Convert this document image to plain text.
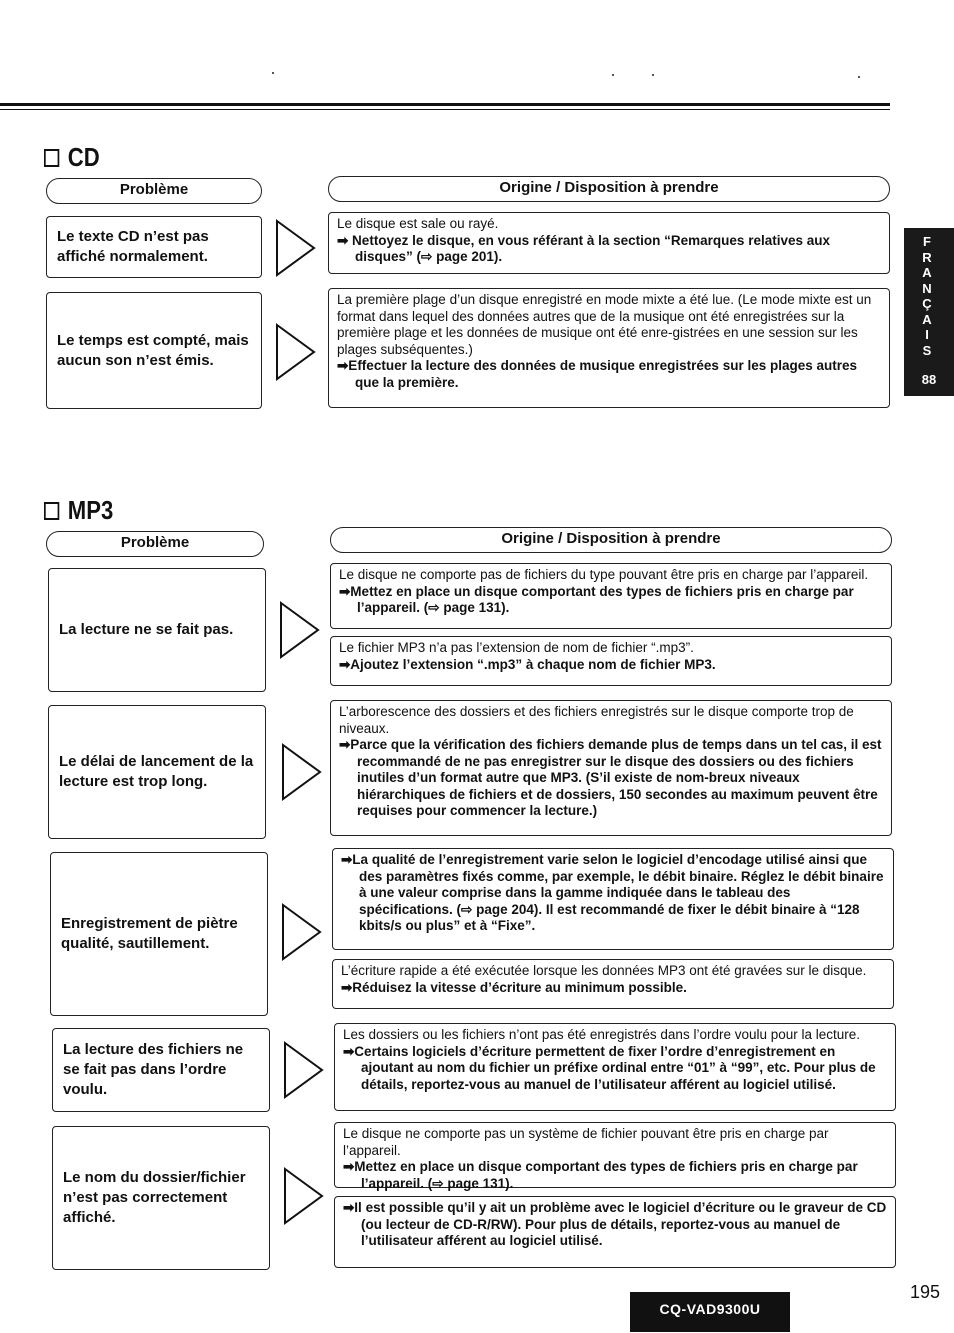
CD
Problème	Origine / Disposition à prendre
Le texte CD n’est pas affiché normalement.
Le temps est compté, mais aucun son n’est émis.
Le disque est sale ou rayé.
➡ Nettoyez le disque, en vous référant à la section “Remarques relatives aux disques” (⇨ page 201).
La première plage d’un disque enregistré en mode mixte a été lue. (Le mode mixte est un format dans lequel des données autres que de la musique ont été enregistrées sur la première plage et les données de musique ont été enre-gistrées en une session sur les plages subséquentes.)
➡Effectuer la lecture des données de musique enregistrées sur les plages autres que la première.
MP3
Problème	Origine / Disposition à prendre
La lecture ne se fait pas.
Le délai de lancement de la lecture est trop long.
Enregistrement de piètre qualité, sautillement.
La lecture des fichiers ne se fait pas dans l’ordre voulu.
Le nom du dossier/fichier n’est pas correctement affiché.
Le disque ne comporte pas de fichiers du type pouvant être pris en charge par l’appareil.
➡Mettez en place un disque comportant des types de fichiers pris en charge par l’appareil. (⇨ page 131).
Le fichier MP3 n’a pas l’extension de nom de fichier “.mp3”.
➡Ajoutez l’extension “.mp3” à chaque nom de fichier MP3.
L’arborescence des dossiers et des fichiers enregistrés sur le disque comporte trop de niveaux.
➡Parce que la vérification des fichiers demande plus de temps dans un tel cas, il est recommandé de ne pas enregistrer sur le disque des dossiers ou des fichiers inutiles d’un format autre que MP3. (S’il existe de nom-breux niveaux hiérarchiques de fichiers et de dossiers, 150 secondes au maximum peuvent être requises pour commencer la lecture.)
➡La qualité de l’enregistrement varie selon le logiciel d’encodage utilisé ainsi que des paramètres fixés comme, par exemple, le débit binaire. Réglez le débit binaire à une valeur comprise dans la gamme indiquée dans le tableau des spécifications. (⇨ page 204). Il est recommandé de fixer le débit binaire à “128 kbits/s ou plus” et à “Fixe”.
L’écriture rapide a été exécutée lorsque les données MP3 ont été gravées sur le disque.
➡Réduisez la vitesse d’écriture au minimum possible.
Les dossiers ou les fichiers n’ont pas été enregistrés dans l’ordre voulu pour la lecture.
➡Certains logiciels d’écriture permettent de fixer l’ordre d’enregistrement en ajoutant au nom du fichier un préfixe ordinal entre “01” à “99”, etc. Pour plus de détails, reportez-vous au manuel de l’utilisateur afférent au logiciel utilisé.
Le disque ne comporte pas un système de fichier pouvant être pris en charge par l’appareil.
➡Mettez en place un disque comportant des types de fichiers pris en charge par l’appareil. (⇨ page 131).
➡Il est possible qu’il y ait un problème avec le logiciel d’écriture ou le graveur de CD (ou lecteur de CD-R/RW). Pour plus de détails, reportez-vous au manuel de l’utilisateur afférent au logiciel utilisé.
F
R
A
N
Ç
A
I
S
88
195
CQ-VAD9300U
